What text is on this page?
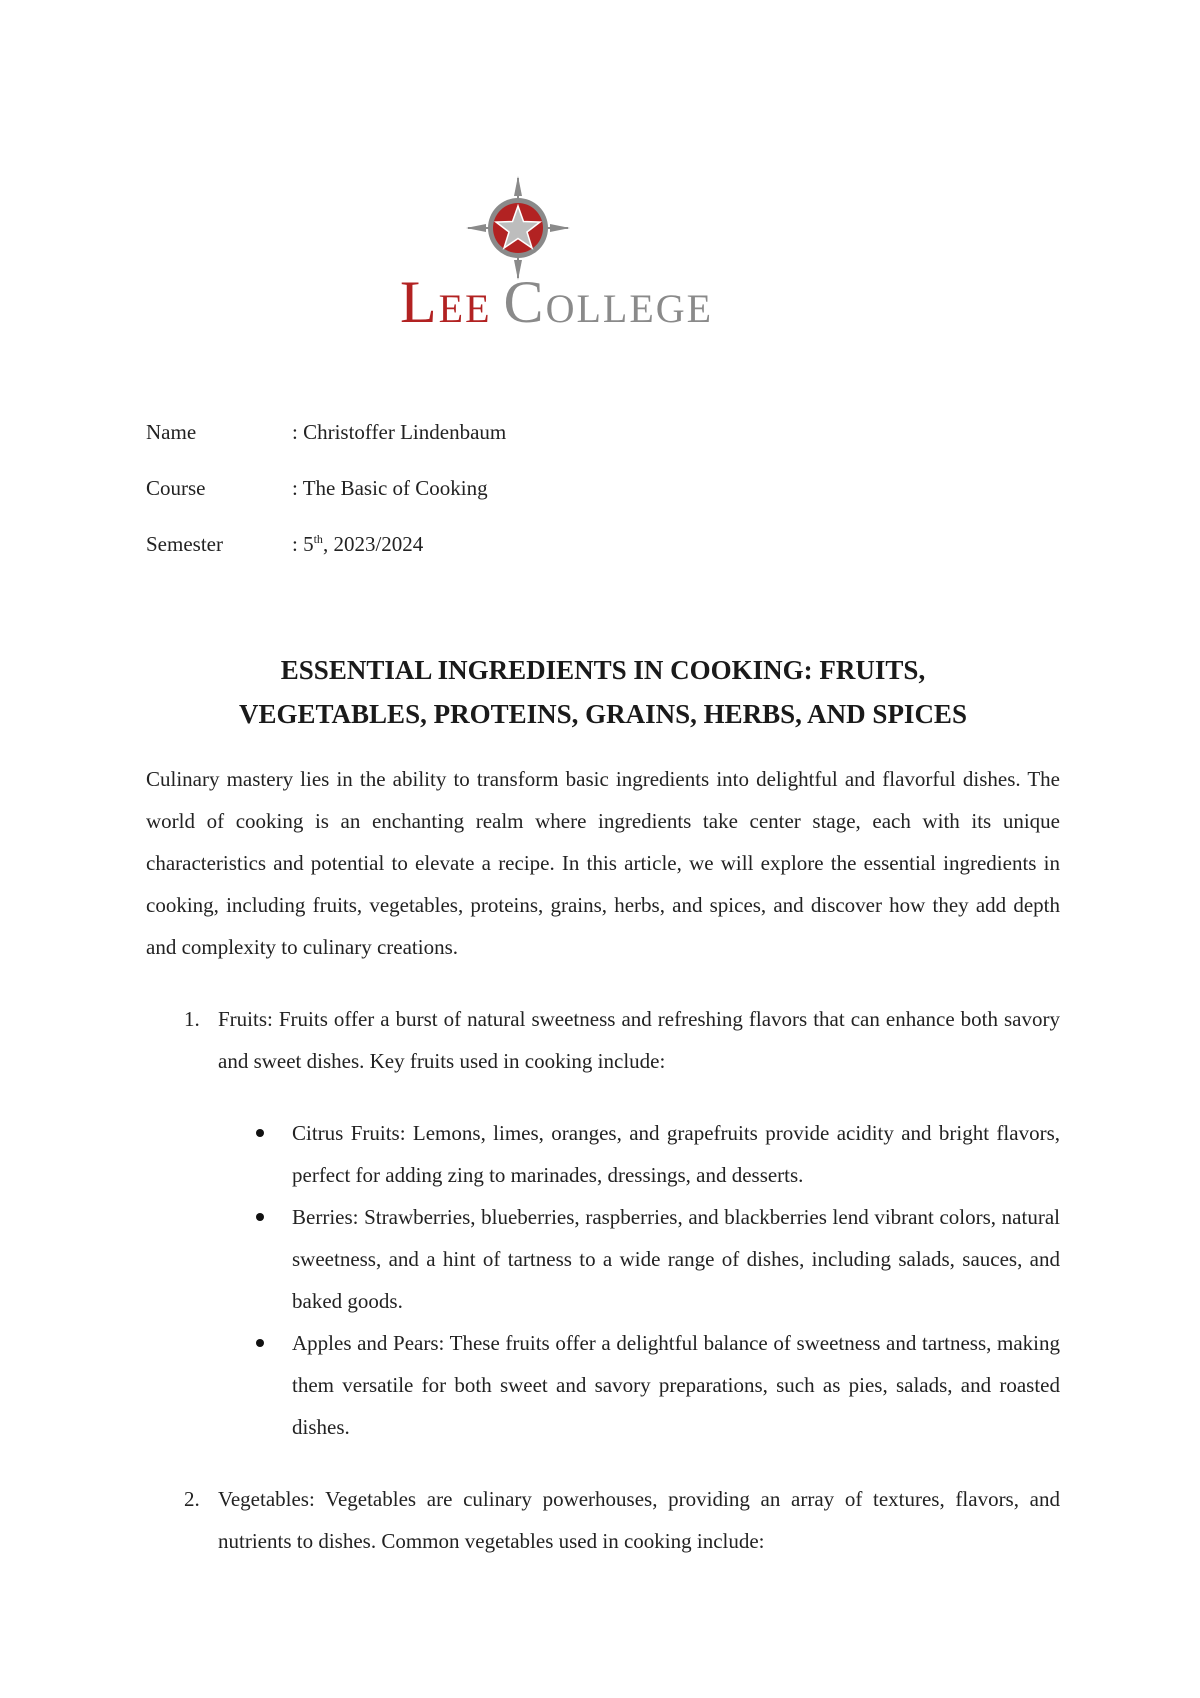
LEE COLLEGE
Name	: Christoffer Lindenbaum
Course	: The Basic of Cooking
Semester	: 5th, 2023/2024
ESSENTIAL INGREDIENTS IN COOKING: FRUITS,
VEGETABLES, PROTEINS, GRAINS, HERBS, AND SPICES

Culinary mastery lies in the ability to transform basic ingredients into delightful and flavorful dishes. The world of cooking is an enchanting realm where ingredients take center stage, each with its unique characteristics and potential to elevate a recipe. In this article, we will explore the essential ingredients in cooking, including fruits, vegetables, proteins, grains, herbs, and spices, and discover how they add depth and complexity to culinary creations.

1. Fruits: Fruits offer a burst of natural sweetness and refreshing flavors that can enhance both savory and sweet dishes. Key fruits used in cooking include:
Citrus Fruits: Lemons, limes, oranges, and grapefruits provide acidity and bright flavors, perfect for adding zing to marinades, dressings, and desserts.
Berries: Strawberries, blueberries, raspberries, and blackberries lend vibrant colors, natural sweetness, and a hint of tartness to a wide range of dishes, including salads, sauces, and baked goods.
Apples and Pears: These fruits offer a delightful balance of sweetness and tartness, making them versatile for both sweet and savory preparations, such as pies, salads, and roasted dishes.
2. Vegetables: Vegetables are culinary powerhouses, providing an array of textures, flavors, and nutrients to dishes. Common vegetables used in cooking include:
